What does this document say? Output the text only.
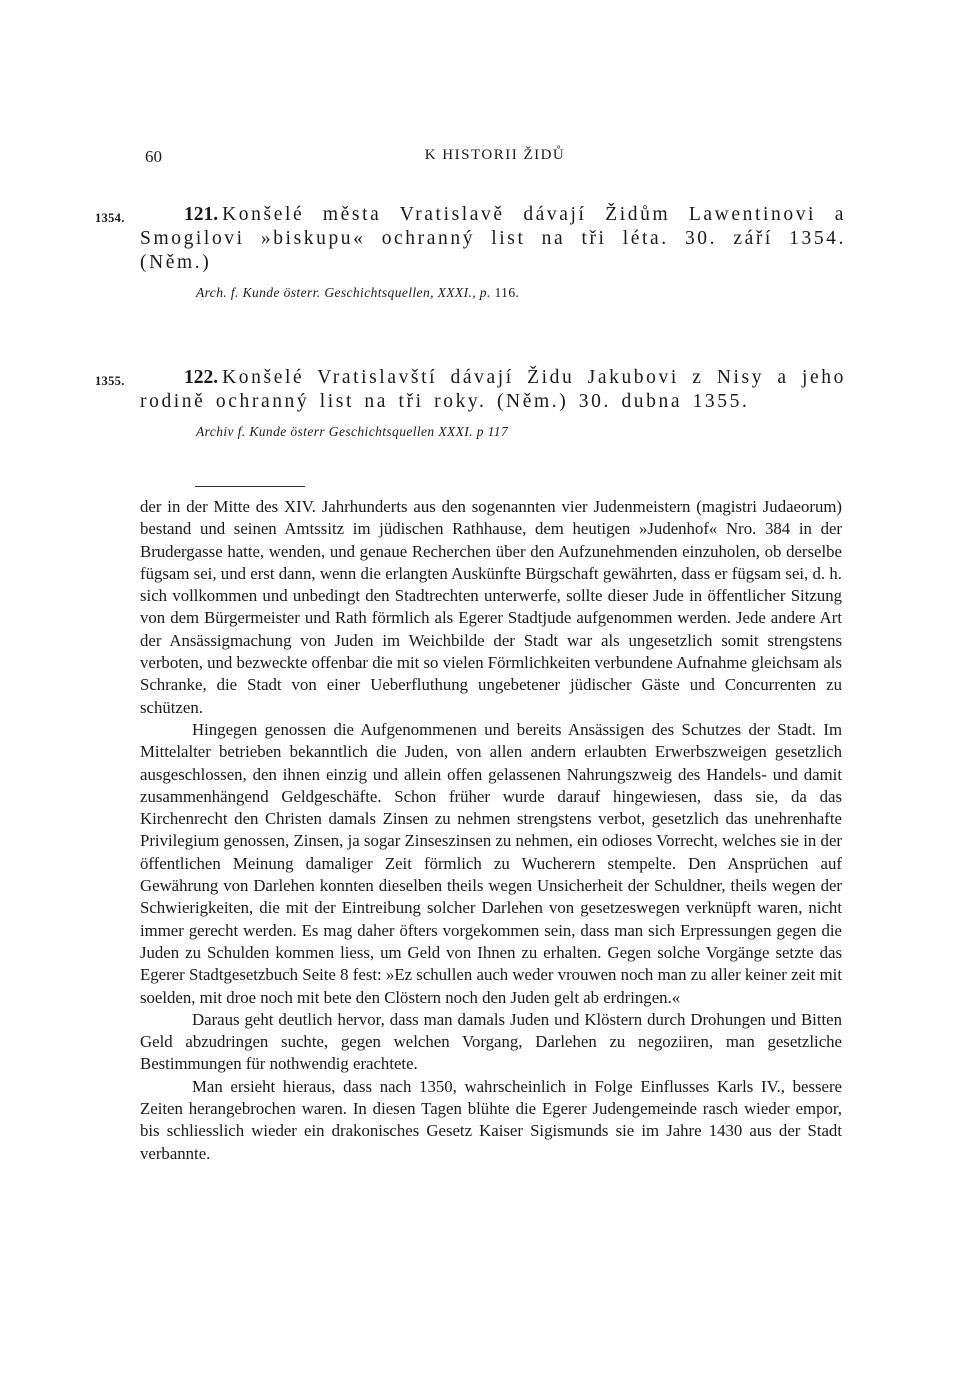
60	K HISTORII ŽIDŮ
1354.	121. Konšelé města Vratislavě dávají Židům Lawentinovi a Smogilovi »biskupu« ochranný list na tři léta. 30. září 1354. (Něm.)

Arch. f. Kunde österr. Geschichtsquellen, XXXI., p. 116.
1355.	122. Konšelé Vratislavští dávají Židu Jakubovi z Nisy a jeho rodině ochranný list na tři roky. (Něm.) 30. dubna 1355.

Archiv f. Kunde österr Geschichtsquellen XXXI. p 117

der in der Mitte des XIV. Jahrhunderts aus den sogenannten vier Judenmeistern (magistri Judaeorum) bestand und seinen Amtssitz im jüdischen Rathhause, dem heutigen »Judenhof« Nro. 384 in der Brudergasse hatte, wenden, und genaue Recherchen über den Aufzunehmenden einzuholen, ob derselbe fügsam sei, und erst dann, wenn die erlangten Auskünfte Bürgschaft gewährten, dass er fügsam sei, d. h. sich vollkommen und unbedingt den Stadtrechten unterwerfe, sollte dieser Jude in öffentlicher Sitzung von dem Bürgermeister und Rath förmlich als Egerer Stadtjude aufgenommen werden. Jede andere Art der Ansässigmachung von Juden im Weichbilde der Stadt war als ungesetzlich somit strengstens verboten, und bezweckte offenbar die mit so vielen Förmlichkeiten verbundene Aufnahme gleichsam als Schranke, die Stadt von einer Ueberfluthung ungebetener jüdischer Gäste und Concurrenten zu schützen.

Hingegen genossen die Aufgenommenen und bereits Ansässigen des Schutzes der Stadt. Im Mittelalter betrieben bekanntlich die Juden, von allen andern erlaubten Erwerbszweigen gesetzlich ausgeschlossen, den ihnen einzig und allein offen gelassenen Nahrungszweig des Handels- und damit zusammenhängend Geldgeschäfte. Schon früher wurde darauf hingewiesen, dass sie, da das Kirchenrecht den Christen damals Zinsen zu nehmen strengstens verbot, gesetzlich das unehrenhafte Privilegium genossen, Zinsen, ja sogar Zinseszinsen zu nehmen, ein odioses Vorrecht, welches sie in der öffentlichen Meinung damaliger Zeit förmlich zu Wucherern stempelte. Den Ansprüchen auf Gewährung von Darlehen konnten dieselben theils wegen Unsicherheit der Schuldner, theils wegen der Schwierigkeiten, die mit der Eintreibung solcher Darlehen von gesetzeswegen verknüpft waren, nicht immer gerecht werden. Es mag daher öfters vorgekommen sein, dass man sich Erpressungen gegen die Juden zu Schulden kommen liess, um Geld von Ihnen zu erhalten. Gegen solche Vorgänge setzte das Egerer Stadtgesetzbuch Seite 8 fest: »Ez schullen auch weder vrouwen noch man zu aller keiner zeit mit soelden, mit droe noch mit bete den Clöstern noch den Juden gelt ab erdringen.«

Daraus geht deutlich hervor, dass man damals Juden und Klöstern durch Drohungen und Bitten Geld abzudringen suchte, gegen welchen Vorgang, Darlehen zu negoziiren, man gesetzliche Bestimmungen für nothwendig erachtete.

Man ersieht hieraus, dass nach 1350, wahrscheinlich in Folge Einflusses Karls IV., bessere Zeiten herangebrochen waren. In diesen Tagen blühte die Egerer Judengemeinde rasch wieder empor, bis schliesslich wieder ein drakonisches Gesetz Kaiser Sigismunds sie im Jahre 1430 aus der Stadt verbannte.
